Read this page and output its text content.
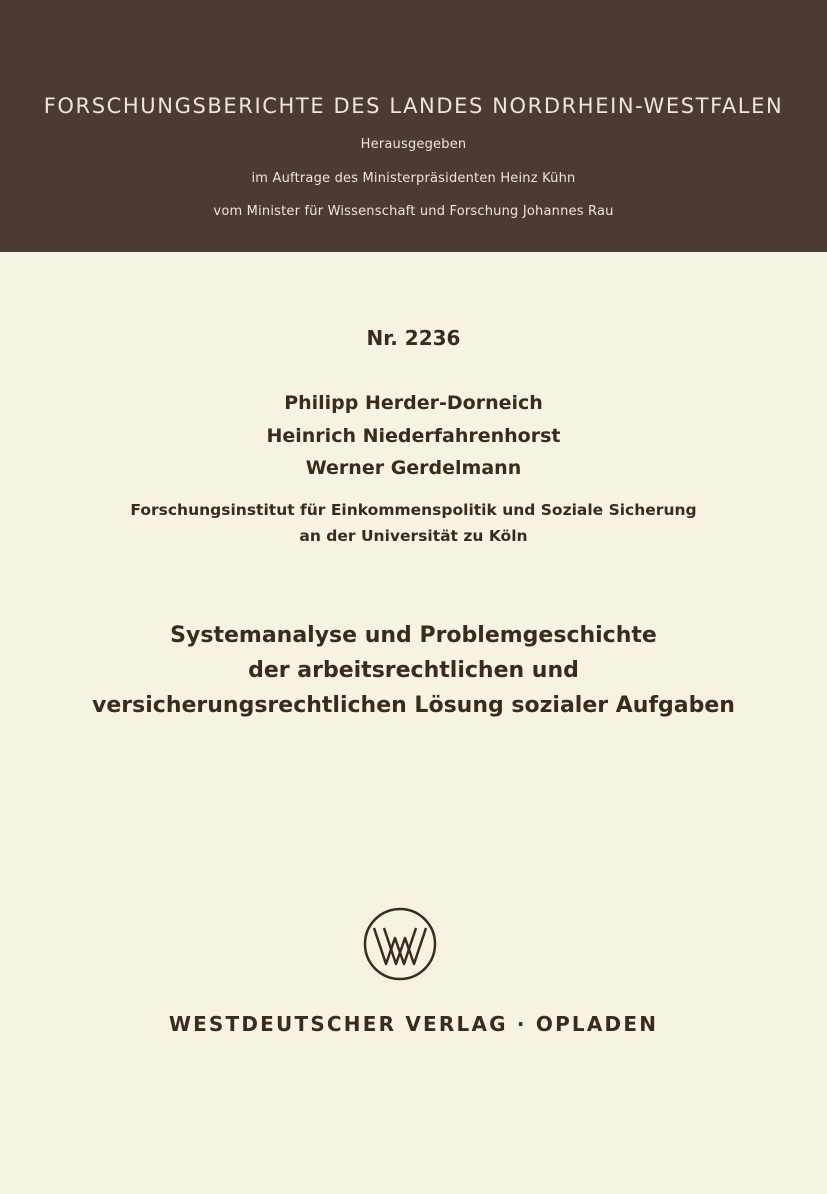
FORSCHUNGSBERICHTE DES LANDES NORDRHEIN-WESTFALEN
Herausgegeben
im Auftrage des Ministerpräsidenten Heinz Kühn
vom Minister für Wissenschaft und Forschung Johannes Rau
Nr. 2236
Philipp Herder-Dorneich
Heinrich Niederfahrenhorst
Werner Gerdelmann
Forschungsinstitut für Einkommenspolitik und Soziale Sicherung
an der Universität zu Köln
Systemanalyse und Problemgeschichte
der arbeitsrechtlichen und
versicherungsrechtlichen Lösung sozialer Aufgaben
WESTDEUTSCHER VERLAG · OPLADEN
